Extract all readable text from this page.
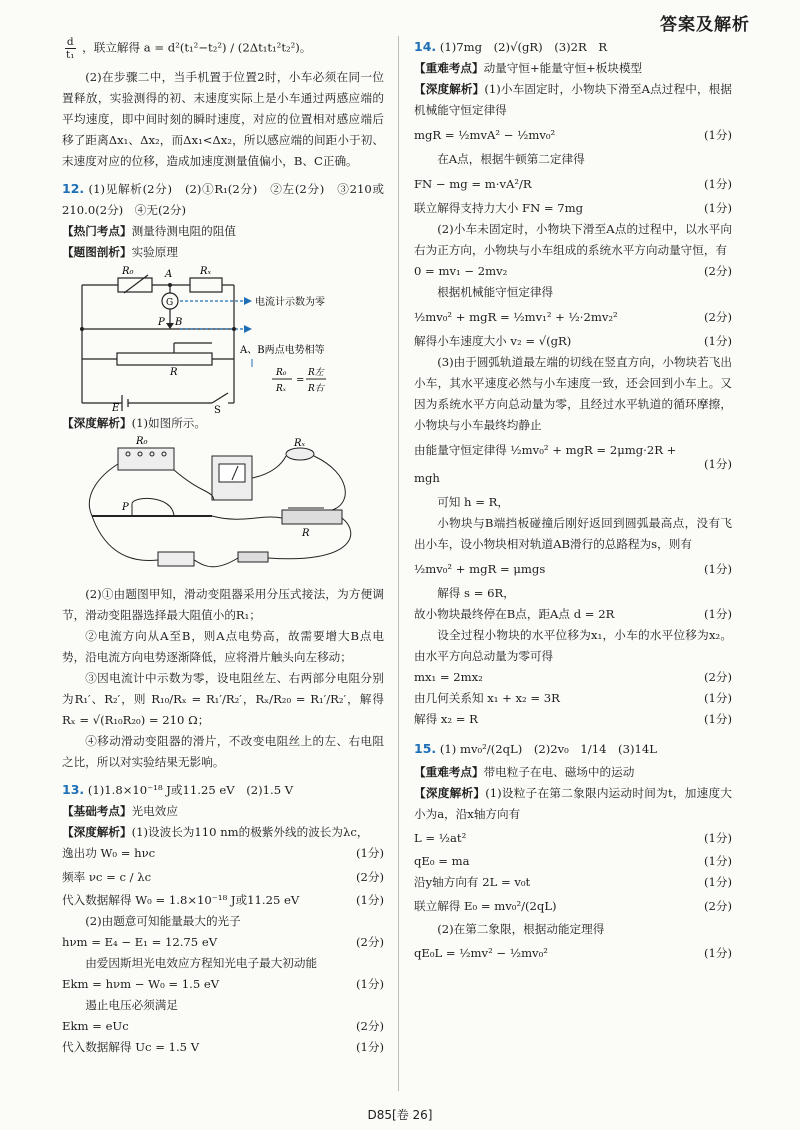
答案及解析
$\frac{d}{\text{t₁}}$ ，联立解得 a = d²(t₁²−t₂²) / (2Δt₁t₁²t₂²)。

(2)在步骤二中，当手机置于位置2时，小车必须在同一位置释放，实验测得的初、末速度实际上是小车通过两感应端的平均速度，即中间时刻的瞬时速度，对应的位置相对感应端后移了距离Δx₁、Δx₂，而Δx₁<Δx₂，所以感应端的间距小于初、末速度对应的位移，造成加速度测量值偏小，B、C正确。

12. (1)见解析(2分)　(2)①R₁(2分)　②左(2分)　③210或210.0(2分)　④无(2分)

【热门考点】测量待测电阻的阻值

【题图剖析】实验原理

R₀	A	Rₓ
G
P B
R
E	S
电流计示数为零
A、B两点电势相等
R₀
Rₓ
=
R左
R右

【深度解析】(1)如图所示。

R₀	Rₓ
P
R

(2)①由题图甲知，滑动变阻器采用分压式接法，为方便调节，滑动变阻器选择最大阻值小的R₁；

②电流方向从A至B，则A点电势高，故需要增大B点电势，沿电流方向电势逐渐降低，应将滑片触头向左移动；

③因电流计中示数为零，设电阻丝左、右两部分电阻分别为R₁′、R₂′，则 R₁₀/Rₓ = R₁′/R₂′，Rₓ/R₂₀ = R₁′/R₂′，解得 Rₓ = √(R₁₀R₂₀) = 210 Ω；

④移动滑动变阻器的滑片，不改变电阻丝上的左、右电阻之比，所以对实验结果无影响。

13. (1)1.8×10⁻¹⁸ J或11.25 eV　(2)1.5 V

【基础考点】光电效应

【深度解析】(1)设波长为110 nm的极紫外线的波长为λc，

逸出功 W₀ = hνc	(1分)
频率 νc = c / λc	(2分)
代入数据解得 W₀ = 1.8×10⁻¹⁸ J或11.25 eV	(1分)

(2)由题意可知能量最大的光子

hνm = E₄ − E₁ = 12.75 eV	(2分)

由爱因斯坦光电效应方程知光电子最大初动能

Ekm = hνm − W₀ = 1.5 eV	(1分)

遏止电压必须满足

Ekm = eUc	(2分)
代入数据解得 Uc = 1.5 V	(1分)

14. (1)7mg　(2)√(gR)　(3)2R　R

【重难考点】动量守恒+能量守恒+板块模型

【深度解析】(1)小车固定时，小物块下滑至A点过程中，根据机械能守恒定律得

mgR = ½mvA² − ½mv₀²	(1分)

在A点，根据牛顿第二定律得

FN − mg = m·vA²/R	(1分)
联立解得支持力大小 FN = 7mg	(1分)

(2)小车未固定时，小物块下滑至A点的过程中，以水平向右为正方向，小物块与小车组成的系统水平方向动量守恒，有

0 = mv₁ − 2mv₂	(2分)

根据机械能守恒定律得

½mv₀² + mgR = ½mv₁² + ½·2mv₂²	(2分)
解得小车速度大小 v₂ = √(gR)	(1分)

(3)由于圆弧轨道最左端的切线在竖直方向，小物块若飞出小车，其水平速度必然与小车速度一致，还会回到小车上。又因为系统水平方向总动量为零，且经过水平轨道的循环摩擦，小物块与小车最终均静止

由能量守恒定律得 ½mv₀² + mgR = 2μmg·2R + mgh
(1分)

可知 h = R，

小物块与B端挡板碰撞后刚好返回到圆弧最高点，没有飞出小车，设小物块相对轨道AB滑行的总路程为s，则有

½mv₀² + mgR = μmgs	(1分)

解得 s = 6R，

故小物块最终停在B点，距A点 d = 2R	(1分)

设全过程小物块的水平位移为x₁，小车的水平位移为x₂。由水平方向总动量为零可得

mx₁ = 2mx₂	(2分)
由几何关系知 x₁ + x₂ = 3R	(1分)
解得 x₂ = R	(1分)

15. (1) mv₀²/(2qL)　(2)2v₀　1/14　(3)14L

【重难考点】带电粒子在电、磁场中的运动

【深度解析】(1)设粒子在第二象限内运动时间为t，加速度大小为a，沿x轴方向有

L = ½at²	(1分)
qE₀ = ma	(1分)
沿y轴方向有 2L = v₀t	(1分)
联立解得 E₀ = mv₀²/(2qL)	(2分)

(2)在第二象限，根据动能定理得

qE₀L = ½mv² − ½mv₀²	(1分)
D85[卷 26]
